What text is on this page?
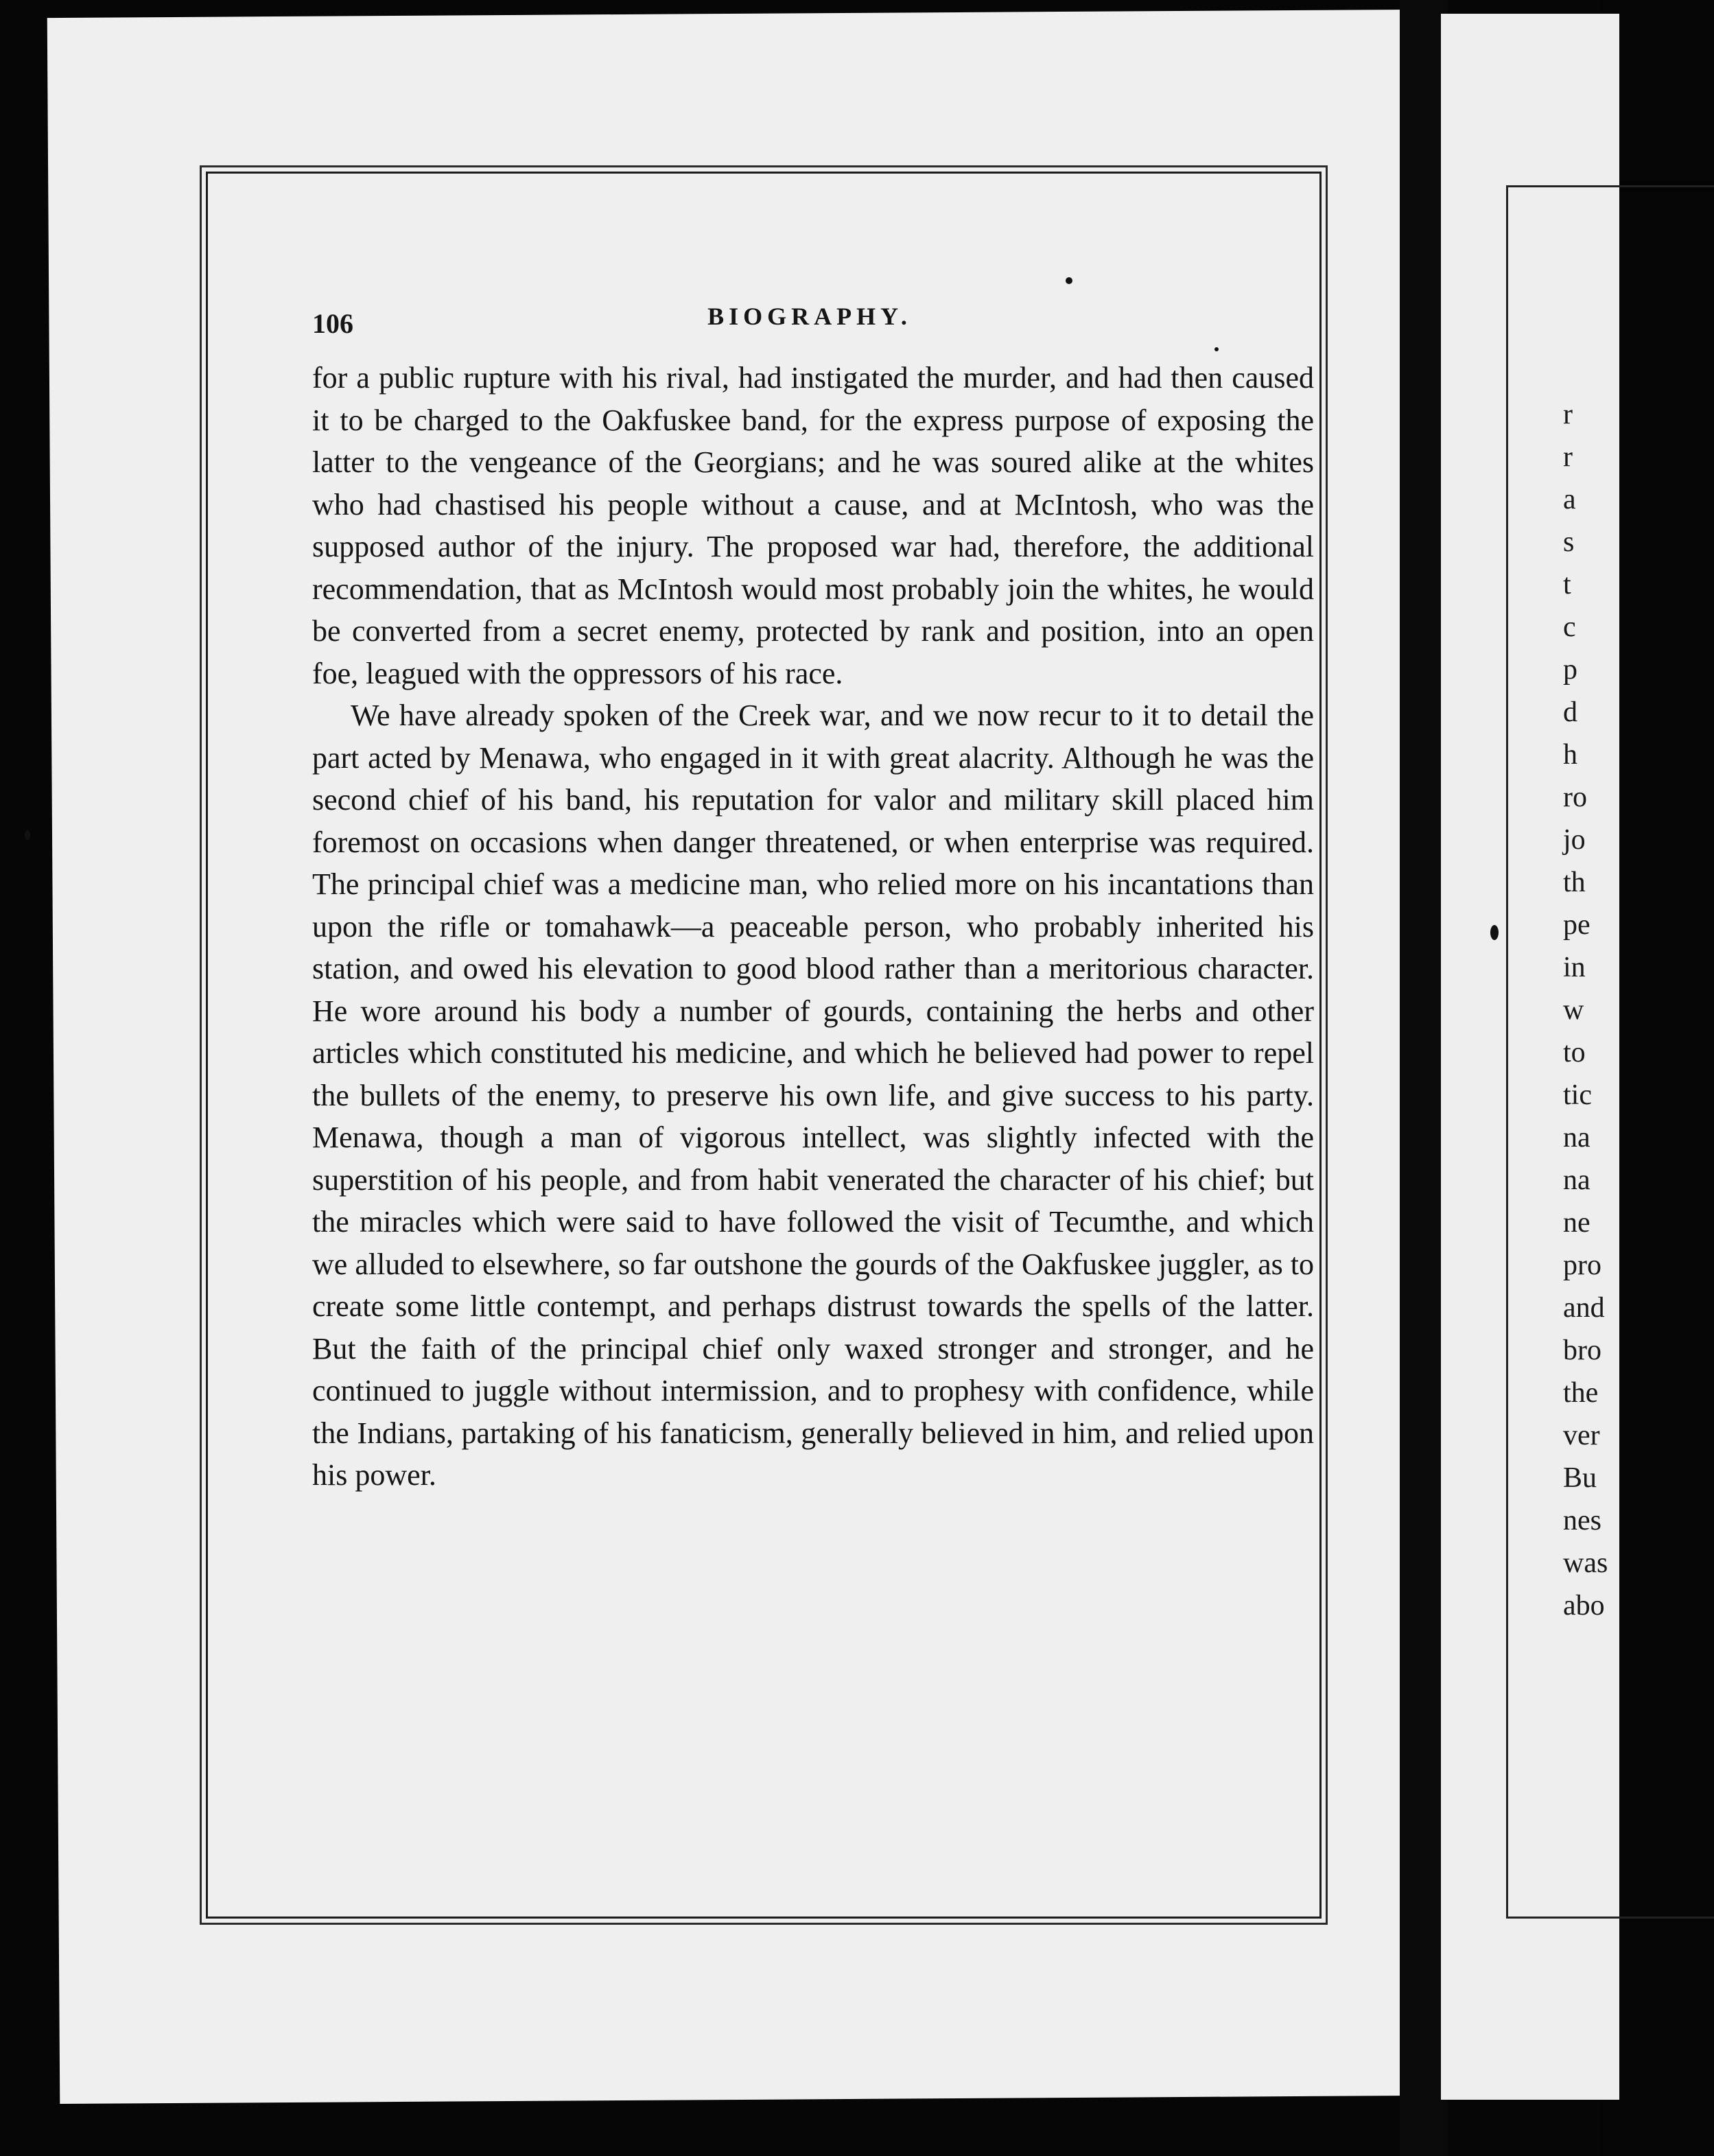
r
r
a
s
t
c
p
d
h
ro
jo
th
pe
in
w
to
tic
na
na
ne
pro
and
bro
the
ver
Bu
nes
was
abo
106	BIOGRAPHY.

for a public rupture with his rival, had instigated the murder, and had then caused it to be charged to the Oakfuskee band, for the express purpose of exposing the latter to the vengeance of the Georgians; and he was soured alike at the whites who had chastised his people without a cause, and at McIntosh, who was the supposed author of the injury. The proposed war had, therefore, the additional recommendation, that as McIntosh would most probably join the whites, he would be converted from a secret enemy, protected by rank and position, into an open foe, leagued with the oppressors of his race.

We have already spoken of the Creek war, and we now recur to it to detail the part acted by Menawa, who engaged in it with great alacrity. Although he was the second chief of his band, his reputation for valor and military skill placed him foremost on occasions when danger threatened, or when enterprise was required. The principal chief was a medicine man, who relied more on his incantations than upon the rifle or tomahawk—a peaceable person, who probably inherited his station, and owed his elevation to good blood rather than a meritorious character. He wore around his body a number of gourds, containing the herbs and other articles which constituted his medicine, and which he believed had power to repel the bullets of the enemy, to preserve his own life, and give success to his party. Menawa, though a man of vigorous intellect, was slightly infected with the superstition of his people, and from habit venerated the character of his chief; but the miracles which were said to have followed the visit of Tecumthe, and which we alluded to elsewhere, so far outshone the gourds of the Oakfuskee juggler, as to create some little contempt, and perhaps distrust towards the spells of the latter. But the faith of the principal chief only waxed stronger and stronger, and he continued to juggle without intermission, and to prophesy with confidence, while the Indians, partaking of his fanaticism, generally believed in him, and relied upon his power.
